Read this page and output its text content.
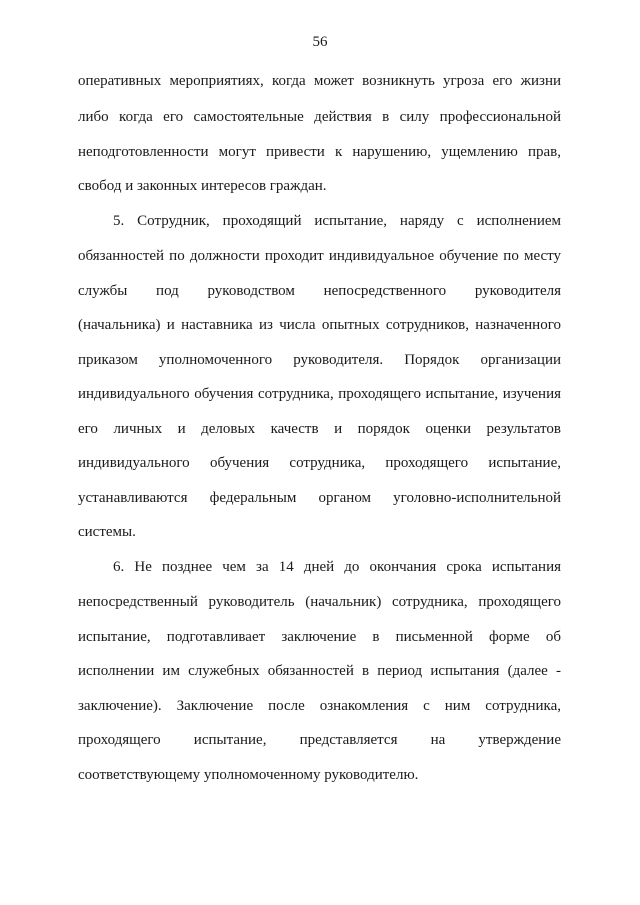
56
оперативных мероприятиях, когда может возникнуть угроза его жизни
либо когда его самостоятельные действия в силу профессиональной
неподготовленности могут привести к нарушению, ущемлению прав,
свобод и законных интересов граждан.
5. Сотрудник, проходящий испытание, наряду с исполнением
обязанностей по должности проходит индивидуальное обучение по месту
службы под руководством непосредственного руководителя
(начальника) и наставника из числа опытных сотрудников, назначенного
приказом уполномоченного руководителя. Порядок организации
индивидуального обучения сотрудника, проходящего испытание, изучения
его личных и деловых качеств и порядок оценки результатов
индивидуального обучения сотрудника, проходящего испытание,
устанавливаются федеральным органом уголовно-исполнительной
системы.
6. Не позднее чем за 14 дней до окончания срока испытания
непосредственный руководитель (начальник) сотрудника, проходящего
испытание, подготавливает заключение в письменной форме об
исполнении им служебных обязанностей в период испытания (далее -
заключение). Заключение после ознакомления с ним сотрудника,
проходящего испытание, представляется на утверждение
соответствующему уполномоченному руководителю.
